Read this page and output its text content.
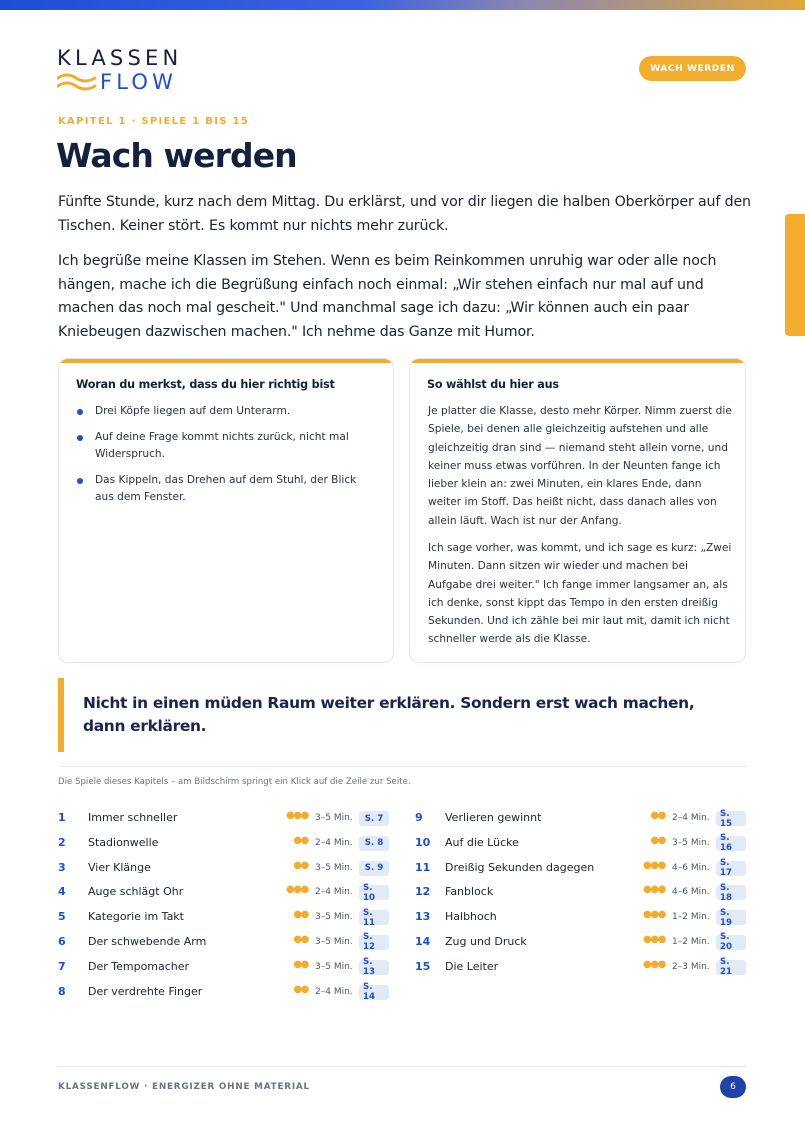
KLASSEN
FLOW
WACH WERDEN
KAPITEL 1 · SPIELE 1 BIS 15
Wach werden

Fünfte Stunde, kurz nach dem Mittag. Du erklärst, und vor dir liegen die halben Oberkörper auf den Tischen. Keiner stört. Es kommt nur nichts mehr zurück.

Ich begrüße meine Klassen im Stehen. Wenn es beim Reinkommen unruhig war oder alle noch hängen, mache ich die Begrüßung einfach noch einmal: „Wir stehen einfach nur mal auf und machen das noch mal gescheit." Und manchmal sage ich dazu: „Wir können auch ein paar Kniebeugen dazwischen machen." Ich nehme das Ganze mit Humor.

Woran du merkst, dass du hier richtig bist
Drei Köpfe liegen auf dem Unterarm.
Auf deine Frage kommt nichts zurück, nicht mal Widerspruch.
Das Kippeln, das Drehen auf dem Stuhl, der Blick aus dem Fenster.
So wählst du hier aus

Je platter die Klasse, desto mehr Körper. Nimm zuerst die Spiele, bei denen alle gleichzeitig aufstehen und alle gleichzeitig dran sind — niemand steht allein vorne, und keiner muss etwas vorführen. In der Neunten fange ich lieber klein an: zwei Minuten, ein klares Ende, dann weiter im Stoff. Das heißt nicht, dass danach alles von allein läuft. Wach ist nur der Anfang.

Ich sage vorher, was kommt, und ich sage es kurz: „Zwei Minuten. Dann sitzen wir wieder und machen bei Aufgabe drei weiter." Ich fange immer langsamer an, als ich denke, sonst kippt das Tempo in den ersten dreißig Sekunden. Und ich zähle bei mir laut mit, damit ich nicht schneller werde als die Klasse.

Nicht in einen müden Raum weiter erklären. Sondern erst wach machen, dann erklären.
Die Spiele dieses Kapitels – am Bildschirm springt ein Klick auf die Zeile zur Seite.
1 Immer schneller	●●● 3–5 Min.	S. 7
2 Stadionwelle	●● 2–4 Min.	S. 8
3 Vier Klänge	●● 3–5 Min.	S. 9
4 Auge schlägt Ohr	●●● 2–4 Min.	S. 10
5 Kategorie im Takt	●● 3–5 Min.	S. 11
6 Der schwebende Arm	●● 3–5 Min.	S. 12
7 Der Tempomacher	●● 3–5 Min.	S. 13
8 Der verdrehte Finger	●● 2–4 Min.	S. 14
9 Verlieren gewinnt	●● 2–4 Min.	S. 15
10 Auf die Lücke	●● 3–5 Min.	S. 16
11 Dreißig Sekunden dagegen	●●● 4–6 Min.	S. 17
12 Fanblock	●●● 4–6 Min.	S. 18
13 Halbhoch	●●● 1–2 Min.	S. 19
14 Zug und Druck	●●● 1–2 Min.	S. 20
15 Die Leiter	●●● 2–3 Min.	S. 21
KLASSENFLOW · ENERGIZER OHNE MATERIAL	6
